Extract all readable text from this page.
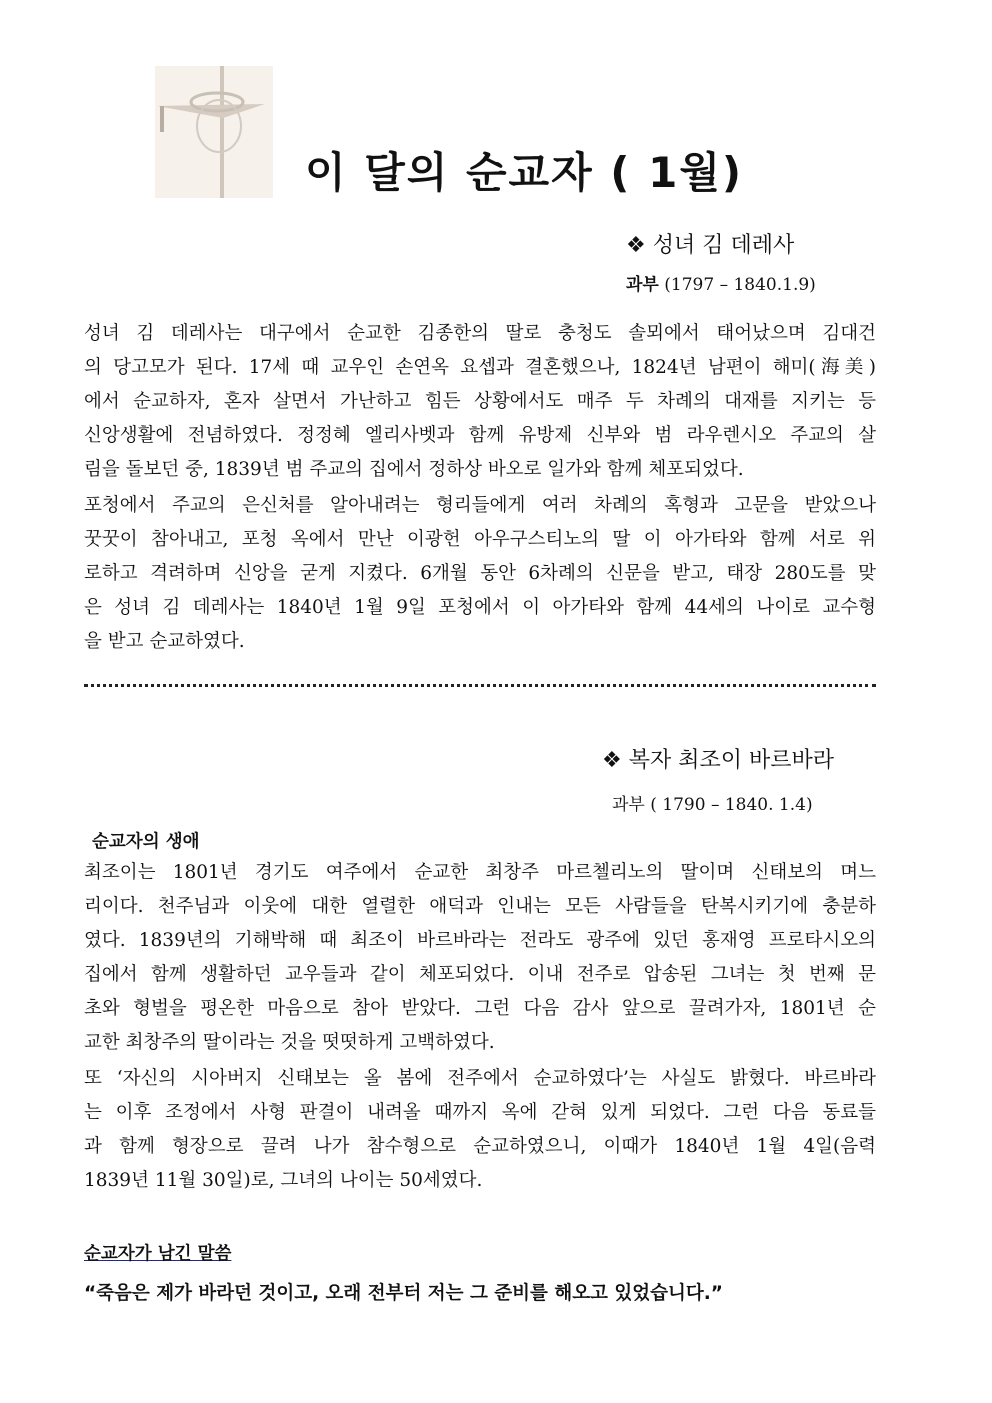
이 달의 순교자 ( 1월)
❖ 성녀 김 데레사
과부 (1797 – 1840.1.9)
성녀 김 데레사는 대구에서 순교한 김종한의 딸로 충청도 솔뫼에서 태어났으며 김대건
의 당고모가 된다. 17세 때 교우인 손연옥 요셉과 결혼했으나, 1824년 남편이 해미(海美)
에서 순교하자, 혼자 살면서 가난하고 힘든 상황에서도 매주 두 차례의 대재를 지키는 등
신앙생활에 전념하였다. 정정혜 엘리사벳과 함께 유방제 신부와 범 라우렌시오 주교의 살
림을 돌보던 중, 1839년 범 주교의 집에서 정하상 바오로 일가와 함께 체포되었다.
포청에서 주교의 은신처를 알아내려는 형리들에게 여러 차례의 혹형과 고문을 받았으나
꿋꿋이 참아내고, 포청 옥에서 만난 이광헌 아우구스티노의 딸 이 아가타와 함께 서로 위
로하고 격려하며 신앙을 굳게 지켰다. 6개월 동안 6차례의 신문을 받고, 태장 280도를 맞
은 성녀 김 데레사는 1840년 1월 9일 포청에서 이 아가타와 함께 44세의 나이로 교수형
을 받고 순교하였다.
❖ 복자 최조이 바르바라
과부 ( 1790 – 1840. 1.4)
순교자의 생애
최조이는 1801년 경기도 여주에서 순교한 최창주 마르첼리노의 딸이며 신태보의 며느
리이다. 천주님과 이웃에 대한 열렬한 애덕과 인내는 모든 사람들을 탄복시키기에 충분하
였다. 1839년의 기해박해 때 최조이 바르바라는 전라도 광주에 있던 홍재영 프로타시오의
집에서 함께 생활하던 교우들과 같이 체포되었다. 이내 전주로 압송된 그녀는 첫 번째 문
초와 형벌을 평온한 마음으로 참아 받았다. 그런 다음 감사 앞으로 끌려가자, 1801년 순
교한 최창주의 딸이라는 것을 떳떳하게 고백하였다.
또 ‘자신의 시아버지 신태보는 올 봄에 전주에서 순교하였다’는 사실도 밝혔다. 바르바라
는 이후 조정에서 사형 판결이 내려올 때까지 옥에 갇혀 있게 되었다. 그런 다음 동료들
과 함께 형장으로 끌려 나가 참수형으로 순교하였으니, 이때가 1840년 1월 4일(음력
1839년 11월 30일)로, 그녀의 나이는 50세였다.
순교자가 남긴 말씀
“죽음은 제가 바라던 것이고, 오래 전부터 저는 그 준비를 해오고 있었습니다.”
